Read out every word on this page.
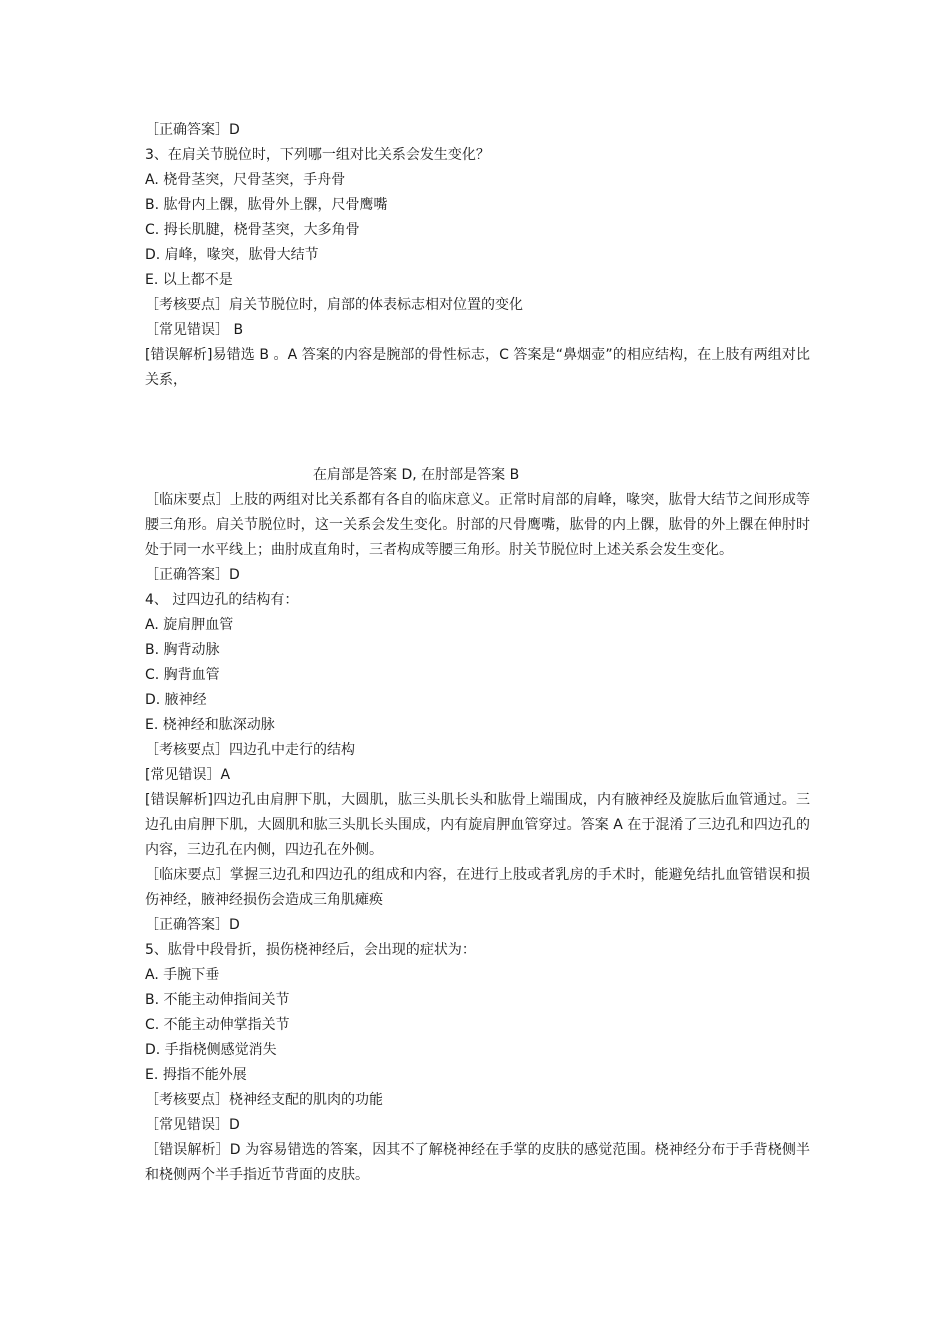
［正确答案］D
3、在肩关节脱位时，下列哪一组对比关系会发生变化？
A. 桡骨茎突，尺骨茎突，手舟骨
B. 肱骨内上髁，肱骨外上髁，尺骨鹰嘴
C. 拇长肌腱，桡骨茎突，大多角骨
D. 肩峰，喙突，肱骨大结节
E. 以上都不是
［考核要点］肩关节脱位时，肩部的体表标志相对位置的变化
［常见错误］ B
[错误解析]易错选 B 。A 答案的内容是腕部的骨性标志，C 答案是“鼻烟壶”的相应结构，在上肢有两组对比关系，
在肩部是答案 D, 在肘部是答案 B
［临床要点］上肢的两组对比关系都有各自的临床意义。正常时肩部的肩峰，喙突，肱骨大结节之间形成等腰三角形。肩关节脱位时，这一关系会发生变化。肘部的尺骨鹰嘴，肱骨的内上髁，肱骨的外上髁在伸肘时处于同一水平线上；曲肘成直角时，三者构成等腰三角形。肘关节脱位时上述关系会发生变化。
［正确答案］D
4、 过四边孔的结构有：
A. 旋肩胛血管
B. 胸背动脉
C. 胸背血管
D. 腋神经
E. 桡神经和肱深动脉
［考核要点］四边孔中走行的结构
[常见错误］A
[错误解析]四边孔由肩胛下肌，大圆肌，肱三头肌长头和肱骨上端围成，内有腋神经及旋肱后血管通过。三边孔由肩胛下肌，大圆肌和肱三头肌长头围成，内有旋肩胛血管穿过。答案 A 在于混淆了三边孔和四边孔的内容，三边孔在内侧，四边孔在外侧。
［临床要点］掌握三边孔和四边孔的组成和内容，在进行上肢或者乳房的手术时，能避免结扎血管错误和损伤神经，腋神经损伤会造成三角肌瘫痪
［正确答案］D
5、肱骨中段骨折，损伤桡神经后，会出现的症状为：
A. 手腕下垂
B. 不能主动伸指间关节
C. 不能主动伸掌指关节
D. 手指桡侧感觉消失
E. 拇指不能外展
［考核要点］桡神经支配的肌肉的功能
［常见错误］D
［错误解析］D 为容易错选的答案，因其不了解桡神经在手掌的皮肤的感觉范围。桡神经分布于手背桡侧半和桡侧两个半手指近节背面的皮肤。
